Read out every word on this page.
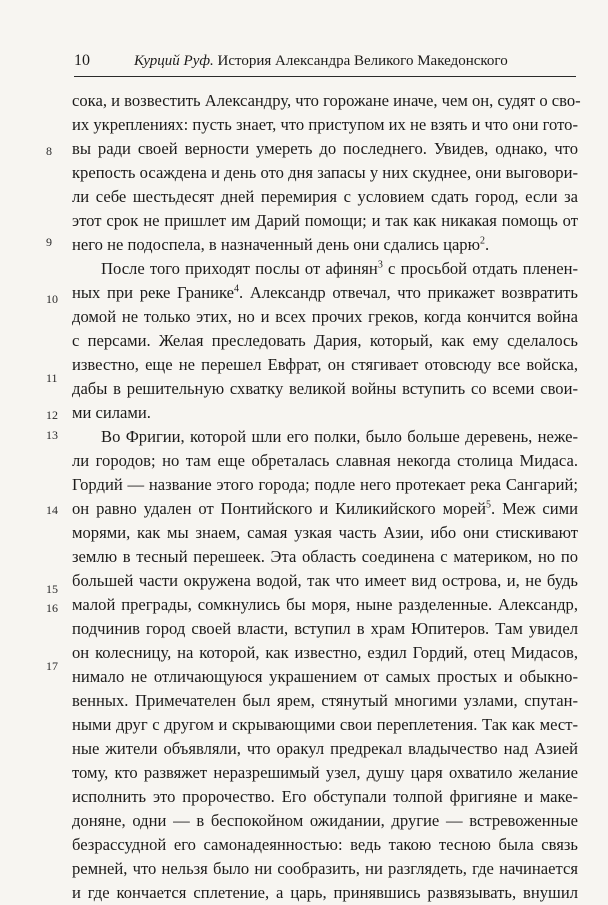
10	Курций Руф. История Александра Великого Македонского
8
9
10
11
12
13
14
15
16
17
сока, и возвестить Александру, что горожане иначе, чем он, судят о сво-
их укреплениях: пусть знает, что приступом их не взять и что они гото-
вы ради своей верности умереть до последнего. Увидев, однако, что
крепость осаждена и день ото дня запасы у них скуднее, они выговори-
ли себе шестьдесят дней перемирия с условием сдать город, если за
этот срок не пришлет им Дарий помощи; и так как никакая помощь от
него не подоспела, в назначенный день они сдались царю$^2$.
После того приходят послы от афинян$^3$ с просьбой отдать пленен-
ных при реке Гранике$^4$. Александр отвечал, что прикажет возвратить
домой не только этих, но и всех прочих греков, когда кончится война
с персами. Желая преследовать Дария, который, как ему сделалось
известно, еще не перешел Евфрат, он стягивает отовсюду все войска,
дабы в решительную схватку великой войны вступить со всеми свои-
ми силами.
Во Фригии, которой шли его полки, было больше деревень, нeже-
ли городов; но там еще обреталась славная некогда столица Мидаса.
Гордий — название этого города; подле него протекает река Сангарий;
он равно удален от Понтийского и Киликийского морей$^5$. Меж сими
морями, как мы знаем, самая узкая часть Азии, ибо они стискивают
землю в тесный перешеек. Эта область соединена с материком, но по
большей части окружена водой, так что имеет вид острова, и, не будь
малой преграды, сомкнулись бы моря, ныне разделенные. Александр,
подчинив город своей власти, вступил в храм Юпитеров. Там увидел
он колесницу, на которой, как известно, ездил Гордий, отец Мидасов,
нимало не отличающуюся украшением от самых простых и обыкно-
венных. Примечателен был ярем, стянутый многими узлами, спутан-
ными друг с другом и скрывающими свои переплетения. Так как мест-
ные жители объявляли, что оракул предрекал владычество над Азией
тому, кто развяжет неразрешимый узел, душу царя охватило желание
исполнить это пророчество. Его обступали толпой фригияне и маке-
доняне, одни — в беспокойном ожидании, другие — встревоженные
безрассудной его самонадеянностью: ведь такою тесною была связь
ремней, что нельзя было ни сообразить, ни разглядеть, где начинается
и где кончается сплетение, а царь, принявшись развязывать, внушил
